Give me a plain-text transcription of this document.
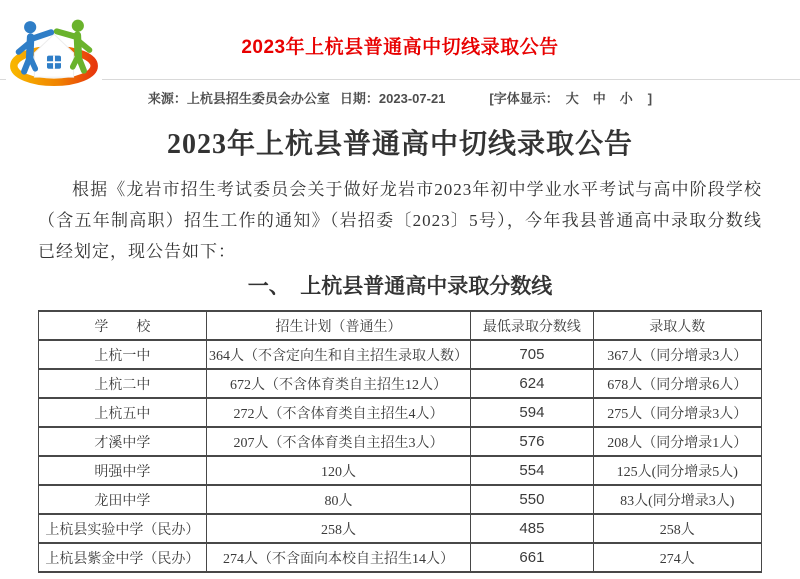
2023年上杭县普通高中切线录取公告
来源：上杭县招生委员会办公室 日期：2023-07-21	[字体显示： 大 中 小 ]
2023年上杭县普通高中切线录取公告

根据《龙岩市招生考试委员会关于做好龙岩市2023年初中学业水平考试与高中阶段学校（含五年制高职）招生工作的通知》（岩招委〔2023〕5号），今年我县普通高中录取分数线已经划定，现公告如下：

一、　上杭县普通高中录取分数线
学　　校	招生计划（普通生）	最低录取分数线	录取人数
上杭一中	364人（不含定向生和自主招生录取人数）	705	367人（同分增录3人）
上杭二中	672人（不含体育类自主招生12人）	624	678人（同分增录6人）
上杭五中	272人（不含体育类自主招生4人）	594	275人（同分增录3人）
才溪中学	207人（不含体育类自主招生3人）	576	208人（同分增录1人）
明强中学	120人	554	125人(同分增录5人)
龙田中学	80人	550	83人(同分增录3人)
上杭县实验中学（民办）	258人	485	258人
上杭县紫金中学（民办）	274人（不含面向本校自主招生14人）	661	274人
